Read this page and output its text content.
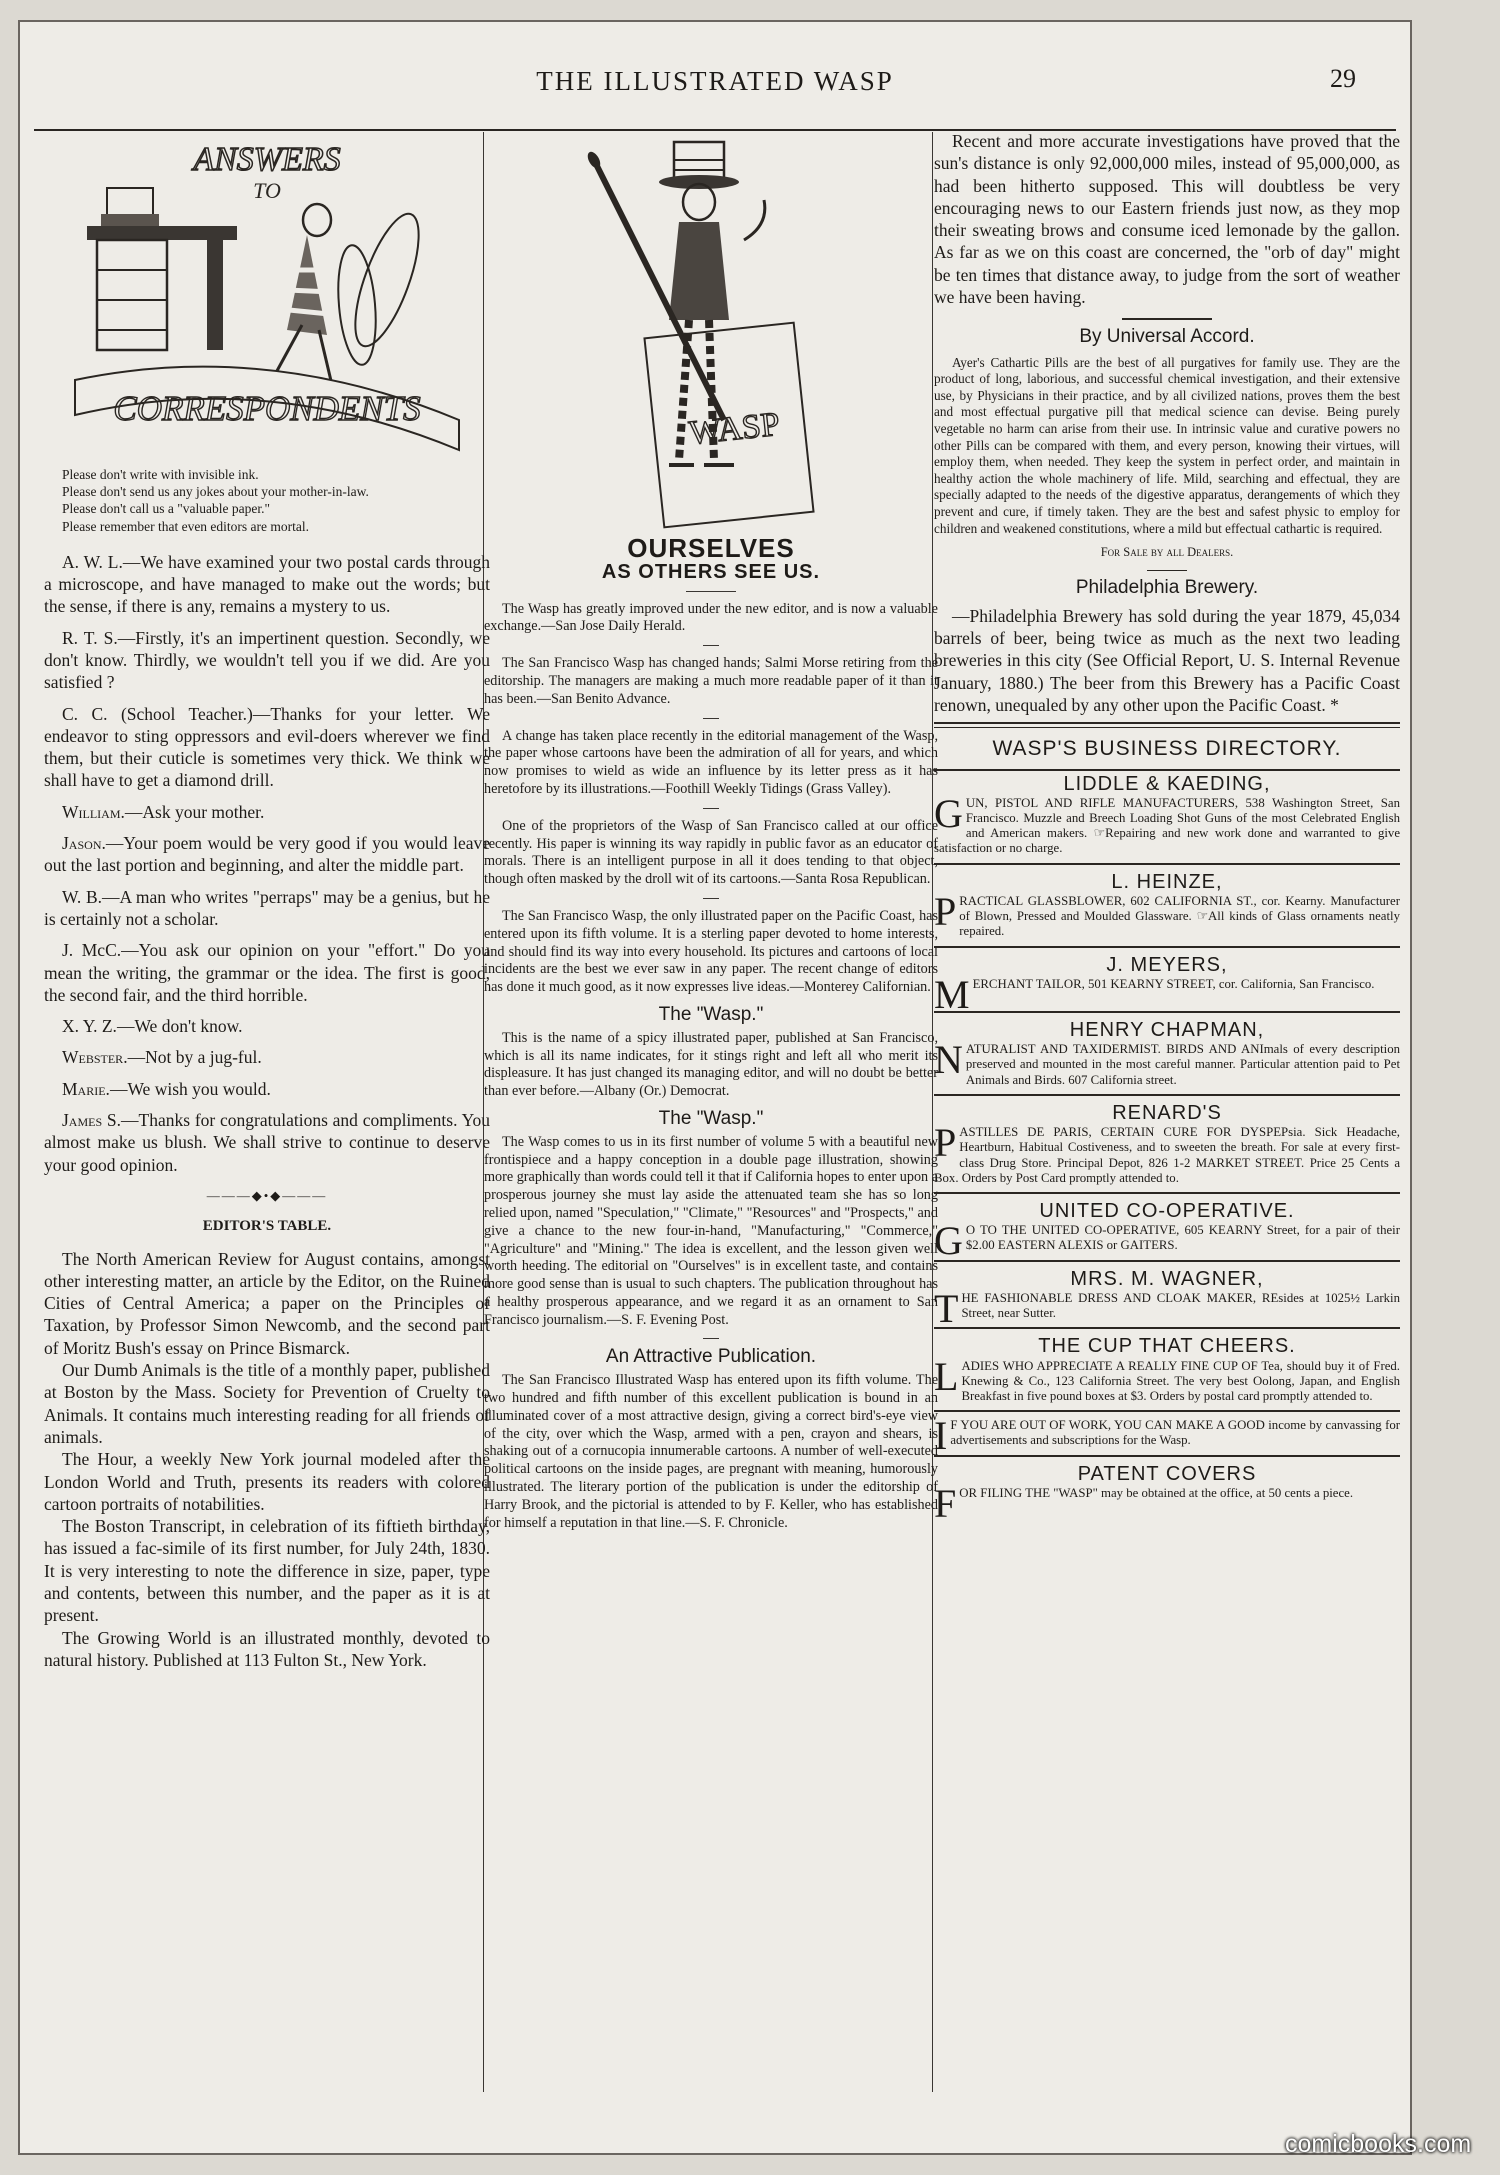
THE ILLUSTRATED WASP	29
ANSWERS
TO
CORRESPONDENTS
Please don't write with invisible ink.
Please don't send us any jokes about your mother-in-law.
Please don't call us a "valuable paper."
Please remember that even editors are mortal.

A. W. L.—We have examined your two postal cards through a microscope, and have managed to make out the words; but the sense, if there is any, remains a mystery to us.

R. T. S.—Firstly, it's an impertinent question. Secondly, we don't know. Thirdly, we wouldn't tell you if we did. Are you satisfied ?

C. C. (School Teacher.)—Thanks for your letter. We endeavor to sting oppressors and evil-doers wherever we find them, but their cuticle is sometimes very thick. We think we shall have to get a diamond drill.

William.—Ask your mother.

Jason.—Your poem would be very good if you would leave out the last portion and beginning, and alter the middle part.

W. B.—A man who writes "perraps" may be a genius, but he is certainly not a scholar.

J. McC.—You ask our opinion on your "effort." Do you mean the writing, the grammar or the idea. The first is good, the second fair, and the third horrible.

X. Y. Z.—We don't know.

Webster.—Not by a jug-ful.

Marie.—We wish you would.

James S.—Thanks for congratulations and compliments. You almost make us blush. We shall strive to continue to deserve your good opinion.

———◆•◆———
EDITOR'S TABLE.

The North American Review for August contains, amongst other interesting matter, an article by the Editor, on the Ruined Cities of Central America; a paper on the Principles of Taxation, by Professor Simon Newcomb, and the second part of Moritz Bush's essay on Prince Bismarck.

Our Dumb Animals is the title of a monthly paper, published at Boston by the Mass. Society for Prevention of Cruelty to Animals. It contains much interesting reading for all friends of animals.

The Hour, a weekly New York journal modeled after the London World and Truth, presents its readers with colored cartoon portraits of notabilities.

The Boston Transcript, in celebration of its fiftieth birthday, has issued a fac-simile of its first number, for July 24th, 1830. It is very interesting to note the difference in size, paper, type and contents, between this number, and the paper as it is at present.

The Growing World is an illustrated monthly, devoted to natural history. Published at 113 Fulton St., New York.

WASP
OURSELVES
AS OTHERS SEE US.

The Wasp has greatly improved under the new editor, and is now a valuable exchange.—San Jose Daily Herald.

The San Francisco Wasp has changed hands; Salmi Morse retiring from the editorship. The managers are making a much more readable paper of it than it has been.—San Benito Advance.

A change has taken place recently in the editorial management of the Wasp, the paper whose cartoons have been the admiration of all for years, and which now promises to wield as wide an influence by its letter press as it has heretofore by its illustrations.—Foothill Weekly Tidings (Grass Valley).

One of the proprietors of the Wasp of San Francisco called at our office recently. His paper is winning its way rapidly in public favor as an educator of morals. There is an intelligent purpose in all it does tending to that object, though often masked by the droll wit of its cartoons.—Santa Rosa Republican.

The San Francisco Wasp, the only illustrated paper on the Pacific Coast, has entered upon its fifth volume. It is a sterling paper devoted to home interests, and should find its way into every household. Its pictures and cartoons of local incidents are the best we ever saw in any paper. The recent change of editors has done it much good, as it now expresses live ideas.—Monterey Californian.

The "Wasp."

This is the name of a spicy illustrated paper, published at San Francisco, which is all its name indicates, for it stings right and left all who merit its displeasure. It has just changed its managing editor, and will no doubt be better than ever before.—Albany (Or.) Democrat.

The "Wasp."

The Wasp comes to us in its first number of volume 5 with a beautiful new frontispiece and a happy conception in a double page illustration, showing more graphically than words could tell it that if California hopes to enter upon a prosperous journey she must lay aside the attenuated team she has so long relied upon, named "Speculation," "Climate," "Resources" and "Prospects," and give a chance to the new four-in-hand, "Manufacturing," "Commerce," "Agriculture" and "Mining." The idea is excellent, and the lesson given well worth heeding. The editorial on "Ourselves" is in excellent taste, and contains more good sense than is usual to such chapters. The publication throughout has a healthy prosperous appearance, and we regard it as an ornament to San Francisco journalism.—S. F. Evening Post.

An Attractive Publication.

The San Francisco Illustrated Wasp has entered upon its fifth volume. The two hundred and fifth number of this excellent publication is bound in an illuminated cover of a most attractive design, giving a correct bird's-eye view of the city, over which the Wasp, armed with a pen, crayon and shears, is shaking out of a cornucopia innumerable cartoons. A number of well-executed political cartoons on the inside pages, are pregnant with meaning, humorously illustrated. The literary portion of the publication is under the editorship of Harry Brook, and the pictorial is attended to by F. Keller, who has established for himself a reputation in that line.—S. F. Chronicle.

Recent and more accurate investigations have proved that the sun's distance is only 92,000,000 miles, instead of 95,000,000, as had been hitherto supposed. This will doubtless be very encouraging news to our Eastern friends just now, as they mop their sweating brows and consume iced lemonade by the gallon. As far as we on this coast are concerned, the "orb of day" might be ten times that distance away, to judge from the sort of weather we have been having.

By Universal Accord.

Ayer's Cathartic Pills are the best of all purgatives for family use. They are the product of long, laborious, and successful chemical investigation, and their extensive use, by Physicians in their practice, and by all civilized nations, proves them the best and most effectual purgative pill that medical science can devise. Being purely vegetable no harm can arise from their use. In intrinsic value and curative powers no other Pills can be compared with them, and every person, knowing their virtues, will employ them, when needed. They keep the system in perfect order, and maintain in healthy action the whole machinery of life. Mild, searching and effectual, they are specially adapted to the needs of the digestive apparatus, derangements of which they prevent and cure, if timely taken. They are the best and safest physic to employ for children and weakened constitutions, where a mild but effectual cathartic is required.

For Sale by all Dealers.
Philadelphia Brewery.

—Philadelphia Brewery has sold during the year 1879, 45,034 barrels of beer, being twice as much as the next two leading breweries in this city (See Official Report, U. S. Internal Revenue January, 1880.) The beer from this Brewery has a Pacific Coast renown, unequaled by any other upon the Pacific Coast. *

WASP'S BUSINESS DIRECTORY.
LIDDLE & KAEDING,
GUN, PISTOL AND RIFLE MANUFACTURERS, 538 Washington Street, San Francisco. Muzzle and Breech Loading Shot Guns of the most Celebrated English and American makers. ☞Repairing and new work done and warranted to give satisfaction or no charge.
L. HEINZE,
PRACTICAL GLASSBLOWER, 602 CALIFORNIA ST., cor. Kearny. Manufacturer of Blown, Pressed and Moulded Glassware. ☞All kinds of Glass ornaments neatly repaired.
J. MEYERS,
MERCHANT TAILOR, 501 KEARNY STREET, cor. California, San Francisco.
HENRY CHAPMAN,
NATURALIST AND TAXIDERMIST. BIRDS AND ANImals of every description preserved and mounted in the most careful manner. Particular attention paid to Pet Animals and Birds. 607 California street.
RENARD'S
PASTILLES DE PARIS, CERTAIN CURE FOR DYSPEPsia. Sick Headache, Heartburn, Habitual Costiveness, and to sweeten the breath. For sale at every first-class Drug Store. Principal Depot, 826 1-2 MARKET STREET. Price 25 Cents a Box. Orders by Post Card promptly attended to.
UNITED CO-OPERATIVE.
G O TO THE UNITED CO-OPERATIVE, 605 KEARNY Street, for a pair of their $2.00 EASTERN ALEXIS or GAITERS.
MRS. M. WAGNER,
THE FASHIONABLE DRESS AND CLOAK MAKER, REsides at 1025½ Larkin Street, near Sutter.
THE CUP THAT CHEERS.
LADIES WHO APPRECIATE A REALLY FINE CUP OF Tea, should buy it of Fred. Knewing & Co., 123 California Street. The very best Oolong, Japan, and English Breakfast in five pound boxes at $3. Orders by postal card promptly attended to.
I F YOU ARE OUT OF WORK, YOU CAN MAKE A GOOD income by canvassing for advertisements and subscriptions for the Wasp.
PATENT COVERS
FOR FILING THE "WASP" may be obtained at the office, at 50 cents a piece.
comicbooks.com
